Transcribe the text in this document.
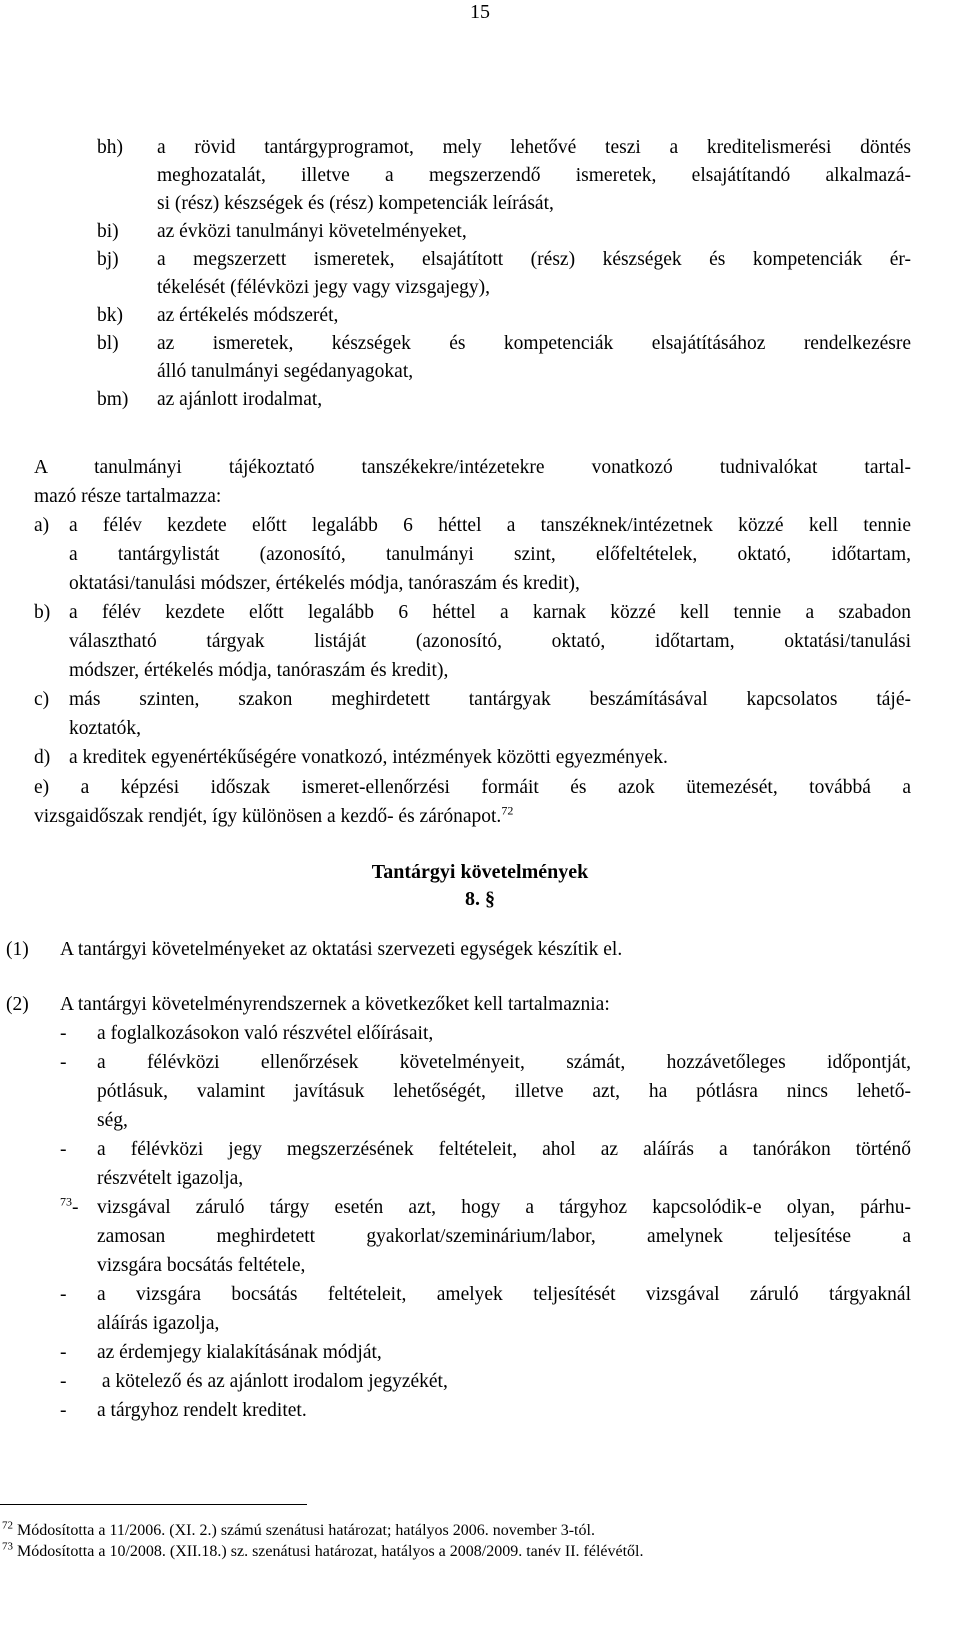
15
bh) a rövid tantárgyprogramot, mely lehetővé teszi a kreditelismerési döntés
meghozatalát, illetve a megszerzendő ismeretek, elsajátítandó alkalmazá-
si (rész) készségek és (rész) kompetenciák leírását,
bi) az évközi tanulmányi követelményeket,
bj) a megszerzett ismeretek, elsajátított (rész) készségek és kompetenciák ér-
tékelését (félévközi jegy vagy vizsgajegy),
bk) az értékelés módszerét,
bl) az ismeretek, készségek és kompetenciák elsajátításához rendelkezésre
álló tanulmányi segédanyagokat,
bm) az ajánlott irodalmat,
A tanulmányi tájékoztató tanszékekre/intézetekre vonatkozó tudnivalókat tartal-
mazó része tartalmazza:
a) a félév kezdete előtt legalább 6 héttel a tanszéknek/intézetnek közzé kell tennie
a tantárgylistát (azonosító, tanulmányi szint, előfeltételek, oktató, időtartam,
oktatási/tanulási módszer, értékelés módja, tanóraszám és kredit),
b) a félév kezdete előtt legalább 6 héttel a karnak közzé kell tennie a szabadon
választható tárgyak listáját (azonosító, oktató, időtartam, oktatási/tanulási
módszer, értékelés módja, tanóraszám és kredit),
c) más szinten, szakon meghirdetett tantárgyak beszámításával kapcsolatos tájé-
koztatók,
d) a kreditek egyenértékűségére vonatkozó, intézmények közötti egyezmények.
e) a képzési időszak ismeret-ellenőrzési formáit és azok ütemezését, továbbá a
vizsgaidőszak rendjét, így különösen a kezdő- és zárónapot.$^{72}$
Tantárgyi követelmények
8. §
(1) A tantárgyi követelményeket az oktatási szervezeti egységek készítik el.
(2) A tantárgyi követelményrendszernek a következőket kell tartalmaznia:
- a foglalkozásokon való részvétel előírásait,
- a félévközi ellenőrzések követelményeit, számát, hozzávetőleges időpontját,
pótlásuk, valamint javításuk lehetőségét, illetve azt, ha pótlásra nincs lehető-
ség,
- a félévközi jegy megszerzésének feltételeit, ahol az aláírás a tanórákon történő
részvételt igazolja,
$^{73}$- vizsgával záruló tárgy esetén azt, hogy a tárgyhoz kapcsolódik-e olyan, párhu-
zamosan meghirdetett gyakorlat/szeminárium/labor, amelynek teljesítése a
vizsgára bocsátás feltétele,
- a vizsgára bocsátás feltételeit, amelyek teljesítését vizsgával záruló tárgyaknál
aláírás igazolja,
- az érdemjegy kialakításának módját,
- a kötelező és az ajánlott irodalom jegyzékét,
- a tárgyhoz rendelt kreditet.
$^{72}$ Módosította a 11/2006. (XI. 2.) számú szenátusi határozat; hatályos 2006. november 3-tól.
$^{73}$ Módosította a 10/2008. (XII.18.) sz. szenátusi határozat, hatályos a 2008/2009. tanév II. félévétől.
